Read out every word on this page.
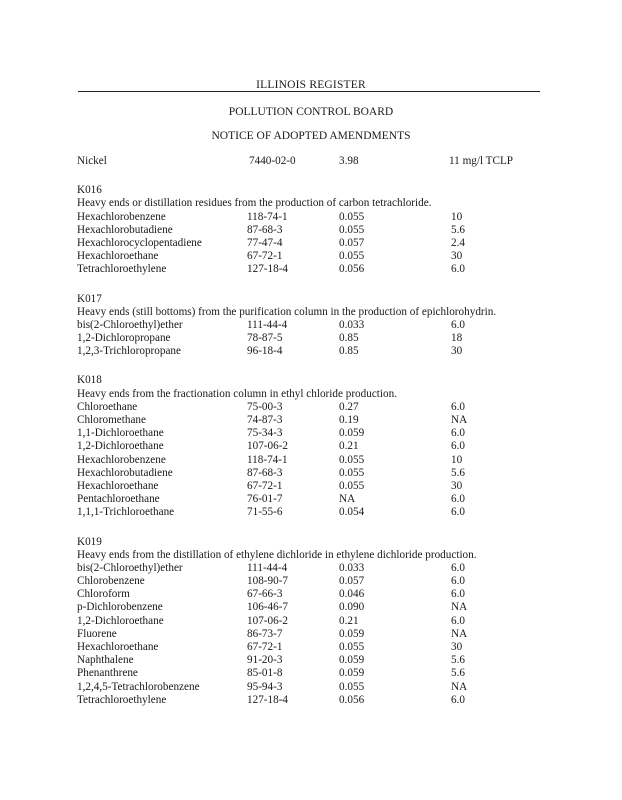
ILLINOIS REGISTER
POLLUTION CONTROL BOARD
NOTICE OF ADOPTED AMENDMENTS
Nickel	7440-02-0	3.98	11 mg/l TCLP
K016
Heavy ends or distillation residues from the production of carbon tetrachloride.
Hexachlorobenzene	118-74-1	0.055	10
Hexachlorobutadiene	87-68-3	0.055	5.6
Hexachlorocyclopentadiene	77-47-4	0.057	2.4
Hexachloroethane	67-72-1	0.055	30
Tetrachloroethylene	127-18-4	0.056	6.0
K017
Heavy ends (still bottoms) from the purification column in the production of epichlorohydrin.
bis(2-Chloroethyl)ether	111-44-4	0.033	6.0
1,2-Dichloropropane	78-87-5	0.85	18
1,2,3-Trichloropropane	96-18-4	0.85	30
K018
Heavy ends from the fractionation column in ethyl chloride production.
Chloroethane	75-00-3	0.27	6.0
Chloromethane	74-87-3	0.19	NA
1,1-Dichloroethane	75-34-3	0.059	6.0
1,2-Dichloroethane	107-06-2	0.21	6.0
Hexachlorobenzene	118-74-1	0.055	10
Hexachlorobutadiene	87-68-3	0.055	5.6
Hexachloroethane	67-72-1	0.055	30
Pentachloroethane	76-01-7	NA	6.0
1,1,1-Trichloroethane	71-55-6	0.054	6.0
K019
Heavy ends from the distillation of ethylene dichloride in ethylene dichloride production.
bis(2-Chloroethyl)ether	111-44-4	0.033	6.0
Chlorobenzene	108-90-7	0.057	6.0
Chloroform	67-66-3	0.046	6.0
p-Dichlorobenzene	106-46-7	0.090	NA
1,2-Dichloroethane	107-06-2	0.21	6.0
Fluorene	86-73-7	0.059	NA
Hexachloroethane	67-72-1	0.055	30
Naphthalene	91-20-3	0.059	5.6
Phenanthrene	85-01-8	0.059	5.6
1,2,4,5-Tetrachlorobenzene	95-94-3	0.055	NA
Tetrachloroethylene	127-18-4	0.056	6.0
